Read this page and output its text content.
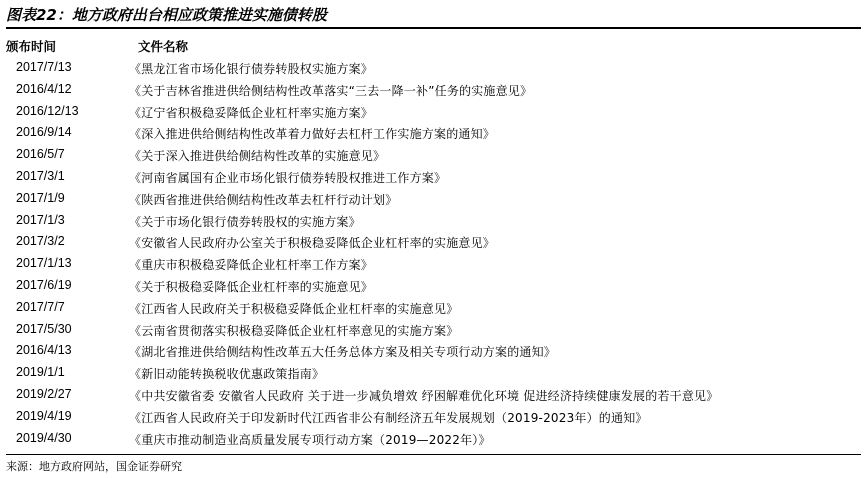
图表22：地方政府出台相应政策推进实施债转股
颁布时间	文件名称
2017/7/13	《黑龙江省市场化银行债券转股权实施方案》
2016/4/12	《关于吉林省推进供给侧结构性改革落实“三去一降一补”任务的实施意见》
2016/12/13	《辽宁省积极稳妥降低企业杠杆率实施方案》
2016/9/14	《深入推进供给侧结构性改革着力做好去杠杆工作实施方案的通知》
2016/5/7	《关于深入推进供给侧结构性改革的实施意见》
2017/3/1	《河南省属国有企业市场化银行债券转股权推进工作方案》
2017/1/9	《陕西省推进供给侧结构性改革去杠杆行动计划》
2017/1/3	《关于市场化银行债券转股权的实施方案》
2017/3/2	《安徽省人民政府办公室关于积极稳妥降低企业杠杆率的实施意见》
2017/1/13	《重庆市积极稳妥降低企业杠杆率工作方案》
2017/6/19	《关于积极稳妥降低企业杠杆率的实施意见》
2017/7/7	《江西省人民政府关于积极稳妥降低企业杠杆率的实施意见》
2017/5/30	《云南省贯彻落实积极稳妥降低企业杠杆率意见的实施方案》
2016/4/13	《湖北省推进供给侧结构性改革五大任务总体方案及相关专项行动方案的通知》
2019/1/1	《新旧动能转换税收优惠政策指南》
2019/2/27	《中共安徽省委 安徽省人民政府 关于进一步减负增效 纾困解难优化环境 促进经济持续健康发展的若干意见》
2019/4/19	《江西省人民政府关于印发新时代江西省非公有制经济五年发展规划（2019-2023年）的通知》
2019/4/30	《重庆市推动制造业高质量发展专项行动方案（2019—2022年）》
来源：地方政府网站，国金证券研究
